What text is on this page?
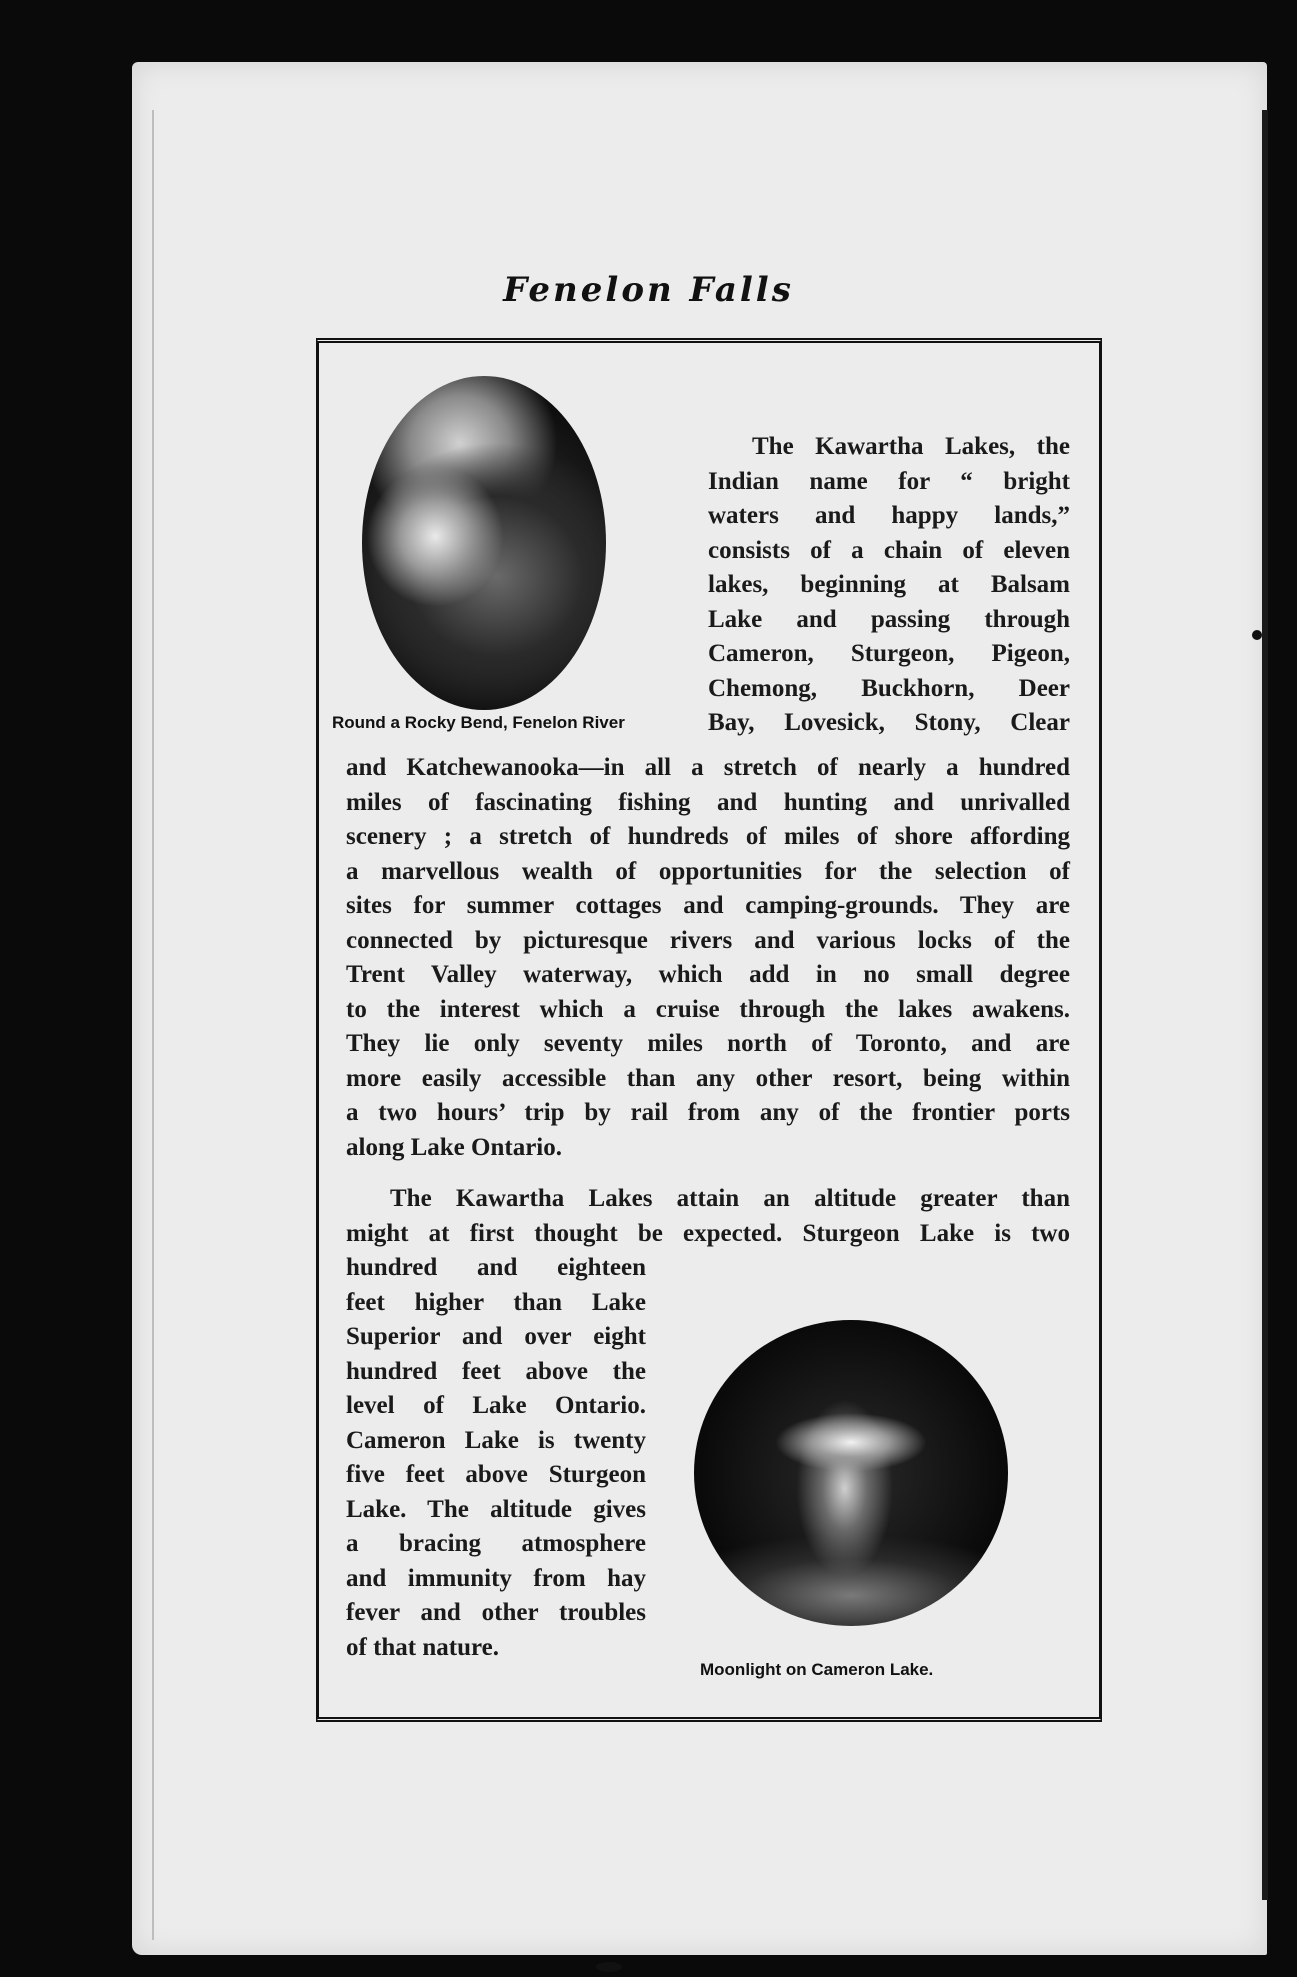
Fenelon Falls
Round a Rocky Bend, Fenelon River
Moonlight on Cameron Lake.
The Kawartha Lakes, the
Indian name for “ bright
waters and happy lands,”
consists of a chain of eleven
lakes, beginning at Balsam
Lake and passing through
Cameron, Sturgeon, Pigeon,
Chemong, Buckhorn, Deer
Bay, Lovesick, Stony, Clear
and Katchewanooka—in all a stretch of nearly a hundred
miles of fascinating fishing and hunting and unrivalled
scenery ; a stretch of hundreds of miles of shore affording
a marvellous wealth of opportunities for the selection of
sites for summer cottages and camping-grounds. They are
connected by picturesque rivers and various locks of the
Trent Valley waterway, which add in no small degree
to the interest which a cruise through the lakes awakens.
They lie only seventy miles north of Toronto, and are
more easily accessible than any other resort, being within
a two hours’ trip by rail from any of the frontier ports
along Lake Ontario.
The Kawartha Lakes attain an altitude greater than
might at first thought be expected. Sturgeon Lake is two
hundred and eighteen
feet higher than Lake
Superior and over eight
hundred feet above the
level of Lake Ontario.
Cameron Lake is twenty
five feet above Sturgeon
Lake. The altitude gives
a bracing atmosphere
and immunity from hay
fever and other troubles
of that nature.
